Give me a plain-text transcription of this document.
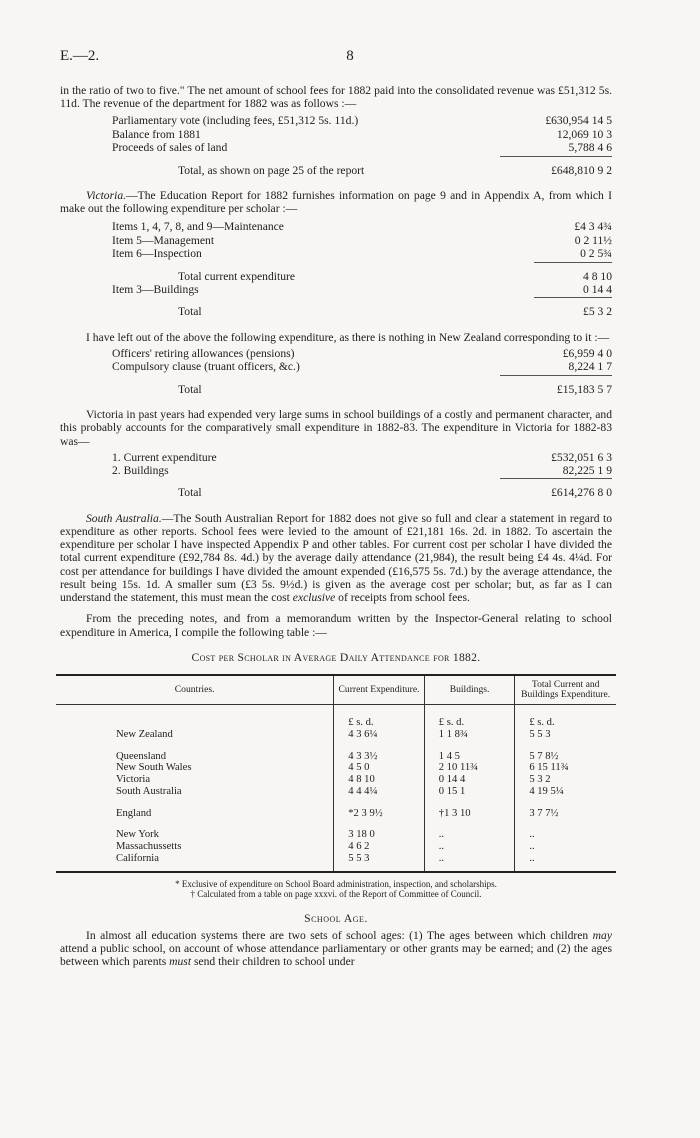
E.—2.	8

in the ratio of two to five." The net amount of school fees for 1882 paid into the consolidated revenue was £51,312 5s. 11d. The revenue of the department for 1882 was as follows :—

Parliamentary vote (including fees, £51,312 5s. 11d.)	£630,954 14 5
Balance from 1881	12,069 10 3
Proceeds of sales of land	5,788 4 6
Total, as shown on page 25 of the report	£648,810 9 2

Victoria.—The Education Report for 1882 furnishes information on page 9 and in Appendix A, from which I make out the following expenditure per scholar :—

Items 1, 4, 7, 8, and 9—Maintenance	£4 3 4¾
Item 5—Management	0 2 11½
Item 6—Inspection	0 2 5¾
Total current expenditure	4 8 10
Item 3—Buildings	0 14 4
Total	£5 3 2

I have left out of the above the following expenditure, as there is nothing in New Zealand corresponding to it :—

Officers' retiring allowances (pensions)	£6,959 4 0
Compulsory clause (truant officers, &c.)	8,224 1 7
Total	£15,183 5 7

Victoria in past years had expended very large sums in school buildings of a costly and permanent character, and this probably accounts for the comparatively small expenditure in 1882-83. The expenditure in Victoria for 1882-83 was—

1. Current expenditure	£532,051 6 3
2. Buildings	82,225 1 9
Total	£614,276 8 0

South Australia.—The South Australian Report for 1882 does not give so full and clear a statement in regard to expenditure as other reports. School fees were levied to the amount of £21,181 16s. 2d. in 1882. To ascertain the expenditure per scholar I have inspected Appendix P and other tables. For current cost per scholar I have divided the total current expenditure (£92,784 8s. 4d.) by the average daily attendance (21,984), the result being £4 4s. 4¼d. For cost per attendance for buildings I have divided the amount expended (£16,575 5s. 7d.) by the average attendance, the result being 15s. 1d. A smaller sum (£3 5s. 9½d.) is given as the average cost per scholar; but, as far as I can understand the statement, this must mean the cost exclusive of receipts from school fees.

From the preceding notes, and from a memorandum written by the Inspector-General relating to school expenditure in America, I compile the following table :—

Cost per Scholar in Average Daily Attendance for 1882.
Countries.	Current Expenditure.	Buildings.	Total Current and Buildings Expenditure.
	£ s. d.	£ s. d.	£ s. d.
New Zealand	4 3 6¼	1 1 8¾	5 5 3
Queensland	4 3 3½	1 4 5	5 7 8½
New South Wales	4 5 0	2 10 11¾	6 15 11¾
Victoria	4 8 10	0 14 4	5 3 2
South Australia	4 4 4¼	0 15 1	4 19 5¼
England	*2 3 9½	†1 3 10	3 7 7½
New York	3 18 0	..	..
Massachussetts	4 6 2	..	..
California	5 5 3	..	..

* Exclusive of expenditure on School Board administration, inspection, and scholarships.
† Calculated from a table on page xxxvi. of the Report of Committee of Council.
School Age.

In almost all education systems there are two sets of school ages: (1) The ages between which children may attend a public school, on account of whose attendance parliamentary or other grants may be earned; and (2) the ages between which parents must send their children to school under
